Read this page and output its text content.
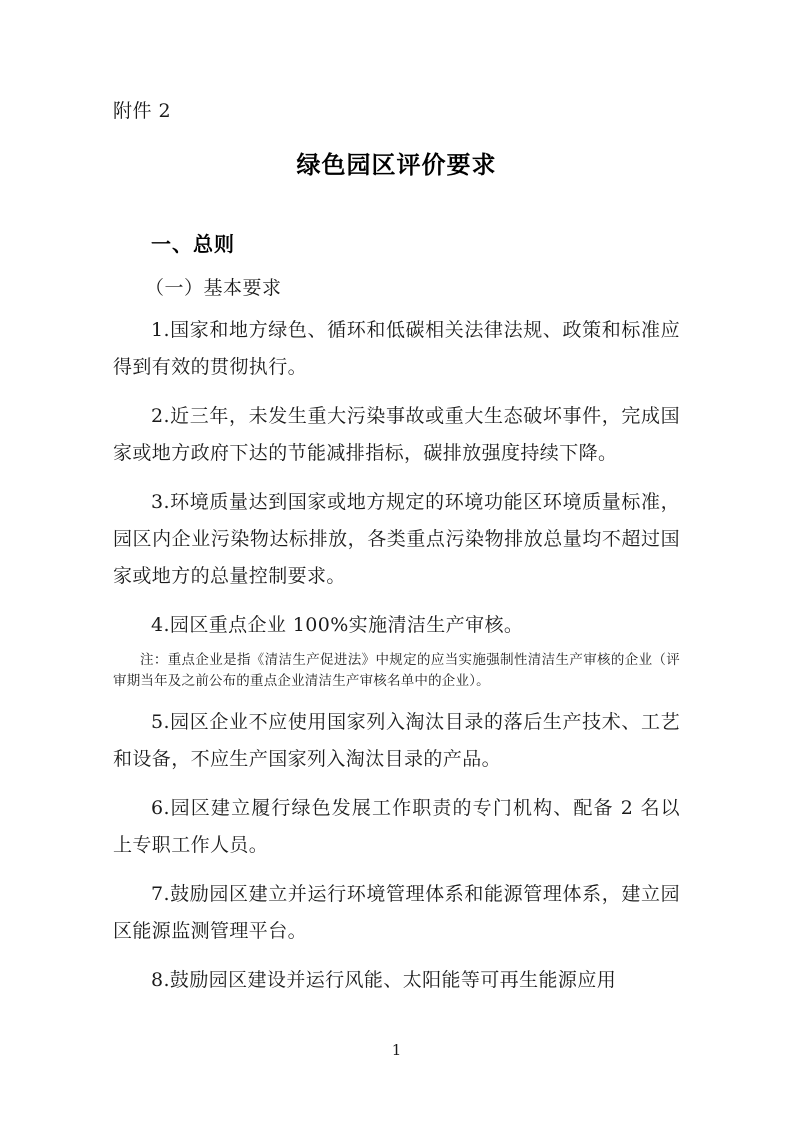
附件 2
绿色园区评价要求
一、总则
（一）基本要求
1.国家和地方绿色、循环和低碳相关法律法规、政策和标准应得到有效的贯彻执行。
2.近三年，未发生重大污染事故或重大生态破坏事件，完成国家或地方政府下达的节能减排指标，碳排放强度持续下降。
3.环境质量达到国家或地方规定的环境功能区环境质量标准，园区内企业污染物达标排放，各类重点污染物排放总量均不超过国家或地方的总量控制要求。
4.园区重点企业 100%实施清洁生产审核。
注：重点企业是指《清洁生产促进法》中规定的应当实施强制性清洁生产审核的企业（评审期当年及之前公布的重点企业清洁生产审核名单中的企业）。
5.园区企业不应使用国家列入淘汰目录的落后生产技术、工艺和设备，不应生产国家列入淘汰目录的产品。
6.园区建立履行绿色发展工作职责的专门机构、配备 2 名以上专职工作人员。
7.鼓励园区建立并运行环境管理体系和能源管理体系，建立园区能源监测管理平台。
8.鼓励园区建设并运行风能、太阳能等可再生能源应用
1
